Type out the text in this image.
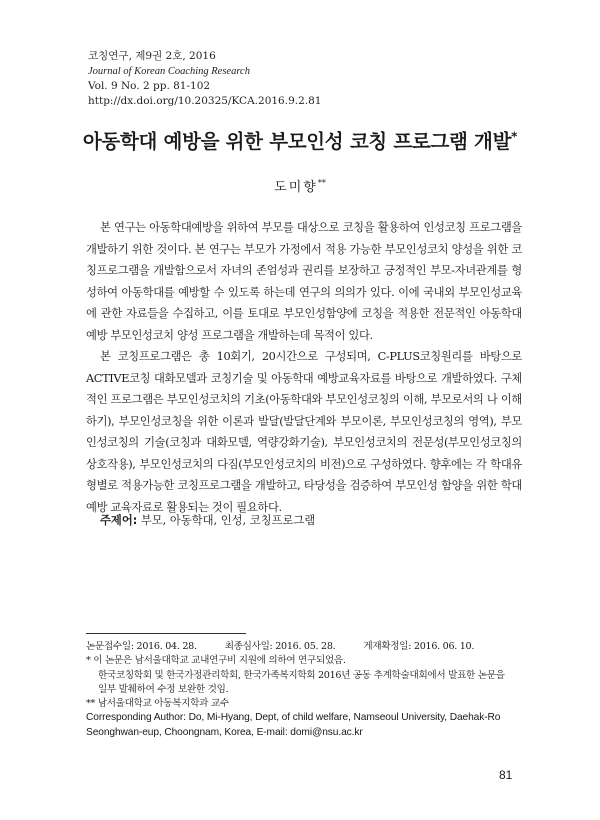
코칭연구, 제9권 2호, 2016
Journal of Korean Coaching Research
Vol. 9 No. 2 pp. 81-102
http://dx.doi.org/10.20325/KCA.2016.9.2.81
아동학대 예방을 위한 부모인성 코칭 프로그램 개발*
도미향**

본 연구는 아동학대예방을 위하여 부모를 대상으로 코칭을 활용하여 인성코칭 프로그램을 개발하기 위한 것이다. 본 연구는 부모가 가정에서 적용 가능한 부모인성코치 양성을 위한 코칭프로그램을 개발함으로서 자녀의 존엄성과 권리를 보장하고 긍정적인 부모-자녀관계를 형성하여 아동학대를 예방할 수 있도록 하는데 연구의 의의가 있다. 이에 국내외 부모인성교육에 관한 자료들을 수집하고, 이를 토대로 부모인성함양에 코칭을 적용한 전문적인 아동학대예방 부모인성코치 양성 프로그램을 개발하는데 목적이 있다.

본 코칭프로그램은 총 10회기, 20시간으로 구성되며, C-PLUS코칭원리를 바탕으로 ACTIVE코칭 대화모델과 코칭기술 및 아동학대 예방교육자료를 바탕으로 개발하였다. 구체적인 프로그램은 부모인성코치의 기초(아동학대와 부모인성코칭의 이해, 부모로서의 나 이해하기), 부모인성코칭을 위한 이론과 발달(발달단계와 부모이론, 부모인성코칭의 영역), 부모인성코칭의 기술(코칭과 대화모델, 역량강화기술), 부모인성코치의 전문성(부모인성코칭의 상호작용), 부모인성코치의 다짐(부모인성코치의 비전)으로 구성하였다. 향후에는 각 학대유형별로 적용가능한 코칭프로그램을 개발하고, 타당성을 검증하여 부모인성 함양을 위한 학대예방 교육자료로 활용되는 것이 필요하다.

주제어: 부모, 아동학대, 인성, 코칭프로그램
논문접수일: 2016. 04. 28.	최종심사일: 2016. 05. 28.	게재확정일: 2016. 06. 10.
* 이 논문은 남서울대학교 교내연구비 지원에 의하여 연구되었음.
한국코칭학회 및 한국가정관리학회, 한국가족복지학회 2016년 공동 추계학술대회에서 발표한 논문을
일부 발췌하여 수정 보완한 것임.
** 남서울대학교 아동복지학과 교수
Corresponding Author: Do, Mi-Hyang, Dept, of child welfare, Namseoul University, Daehak-Ro
Seonghwan-eup, Choongnam, Korea, E-mail: domi@nsu.ac.kr
81
